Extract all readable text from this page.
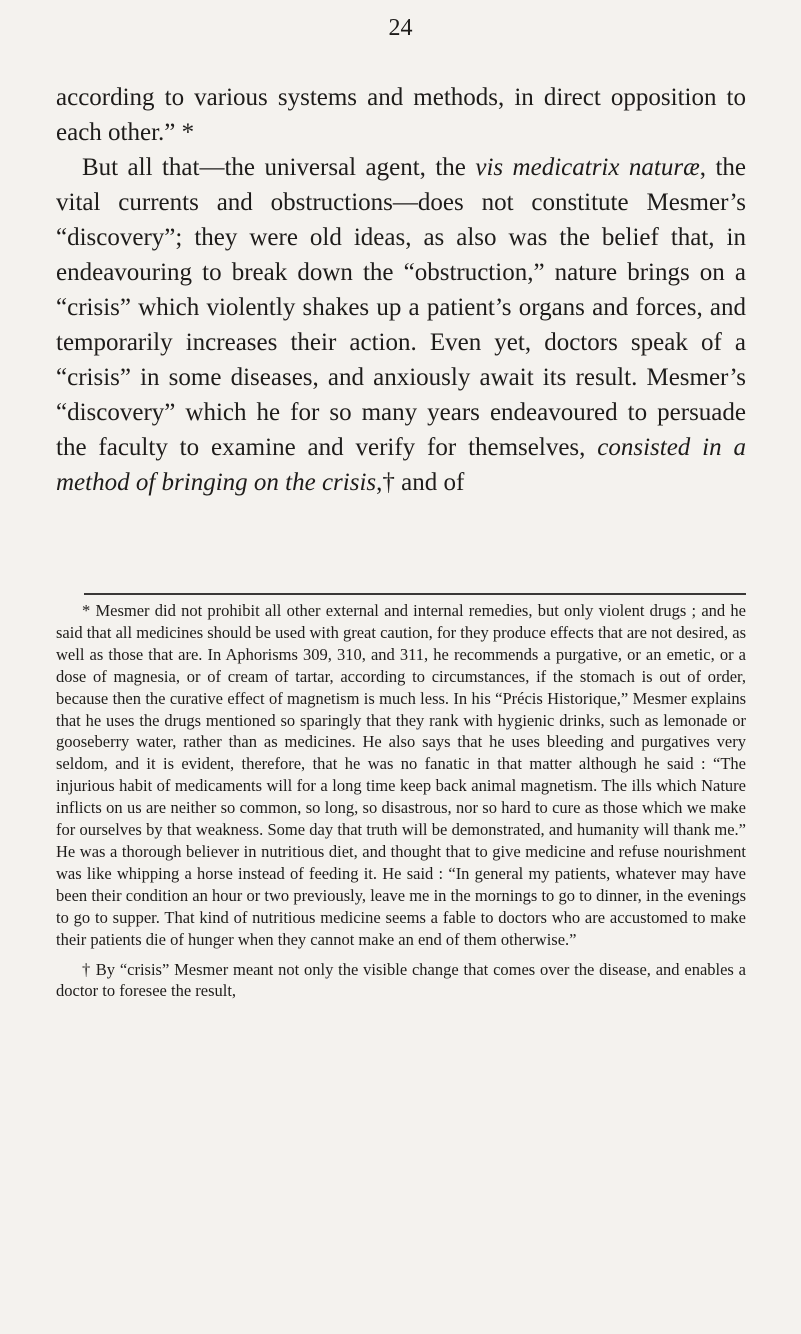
24

according to various systems and methods, in direct opposition to each other.” *

But all that—the universal agent, the vis medicatrix naturæ, the vital currents and obstructions—does not constitute Mesmer’s “discovery”; they were old ideas, as also was the belief that, in endeavouring to break down the “obstruction,” nature brings on a “crisis” which violently shakes up a patient’s organs and forces, and temporarily increases their action. Even yet, doctors speak of a “crisis” in some diseases, and anxiously await its result. Mesmer’s “discovery” which he for so many years endeavoured to persuade the faculty to examine and verify for themselves, consisted in a method of bringing on the crisis,† and of

* Mesmer did not prohibit all other external and internal remedies, but only violent drugs ; and he said that all medicines should be used with great caution, for they produce effects that are not desired, as well as those that are. In Aphorisms 309, 310, and 311, he recommends a purgative, or an emetic, or a dose of magnesia, or of cream of tartar, according to circumstances, if the stomach is out of order, because then the curative effect of magnetism is much less. In his “Précis Historique,” Mesmer explains that he uses the drugs mentioned so sparingly that they rank with hygienic drinks, such as lemonade or gooseberry water, rather than as medicines. He also says that he uses bleeding and purgatives very seldom, and it is evident, therefore, that he was no fanatic in that matter although he said : “The injurious habit of medicaments will for a long time keep back animal magnetism. The ills which Nature inflicts on us are neither so common, so long, so disastrous, nor so hard to cure as those which we make for ourselves by that weakness. Some day that truth will be demonstrated, and humanity will thank me.” He was a thorough believer in nutritious diet, and thought that to give medicine and refuse nourishment was like whipping a horse instead of feeding it. He said : “In general my patients, whatever may have been their condition an hour or two previously, leave me in the mornings to go to dinner, in the evenings to go to supper. That kind of nutritious medicine seems a fable to doctors who are accustomed to make their patients die of hunger when they cannot make an end of them otherwise.”

† By “crisis” Mesmer meant not only the visible change that comes over the disease, and enables a doctor to foresee the result,
